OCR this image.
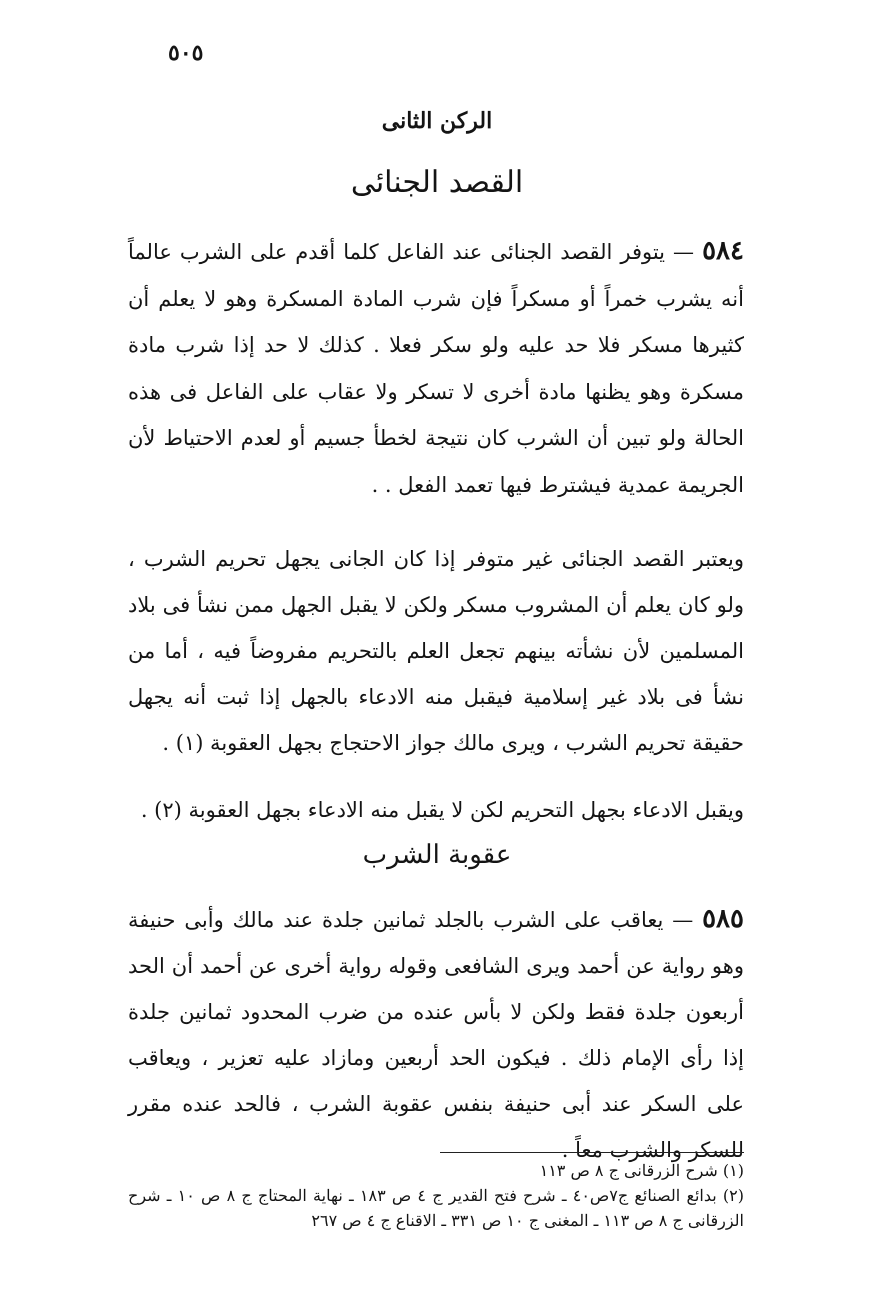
٥٠٥
الركن الثانى
القصد الجنائى
٥٨٤ — يتوفر القصد الجنائى عند الفاعل كلما أقدم على الشرب عالماً أنه يشرب خمراً أو مسكراً فإن شرب المادة المسكرة وهو لا يعلم أن كثيرها مسكر فلا حد عليه ولو سكر فعلا . كذلك لا حد إذا شرب مادة مسكرة وهو يظنها مادة أخرى لا تسكر ولا عقاب على الفاعل فى هذه الحالة ولو تبين أن الشرب كان نتيجة لخطأ جسيم أو لعدم الاحتياط لأن الجريمة عمدية فيشترط فيها تعمد الفعل . .
ويعتبر القصد الجنائى غير متوفر إذا كان الجانى يجهل تحريم الشرب ، ولو كان يعلم أن المشروب مسكر ولكن لا يقبل الجهل ممن نشأ فى بلاد المسلمين لأن نشأته بينهم تجعل العلم بالتحريم مفروضاً فيه ، أما من نشأ فى بلاد غير إسلامية فيقبل منه الادعاء بالجهل إذا ثبت أنه يجهل حقيقة تحريم الشرب ، ويرى مالك جواز الاحتجاج بجهل العقوبة (١) .
ويقبل الادعاء بجهل التحريم لكن لا يقبل منه الادعاء بجهل العقوبة (٢) .
عقوبة الشرب
٥٨٥ — يعاقب على الشرب بالجلد ثمانين جلدة عند مالك وأبى حنيفة وهو رواية عن أحمد ويرى الشافعى وقوله رواية أخرى عن أحمد أن الحد أربعون جلدة فقط ولكن لا بأس عنده من ضرب المحدود ثمانين جلدة إذا رأى الإمام ذلك . فيكون الحد أربعين ومازاد عليه تعزير ، ويعاقب على السكر عند أبى حنيفة بنفس عقوبة الشرب ، فالحد عنده مقرر للسكر والشرب معاً .
(١) شرح الزرقانى ج ٨ ص ١١٣
(٢) بدائع الصنائع ج٧ص٤٠ ـ شرح فتح القدير ج ٤ ص ١٨٣ ـ نهاية المحتاج ج ٨ ص ١٠ ـ شرح الزرقانى ج ٨ ص ١١٣ ـ المغنى ج ١٠ ص ٣٣١ ـ الاقناع ج ٤ ص ٢٦٧
